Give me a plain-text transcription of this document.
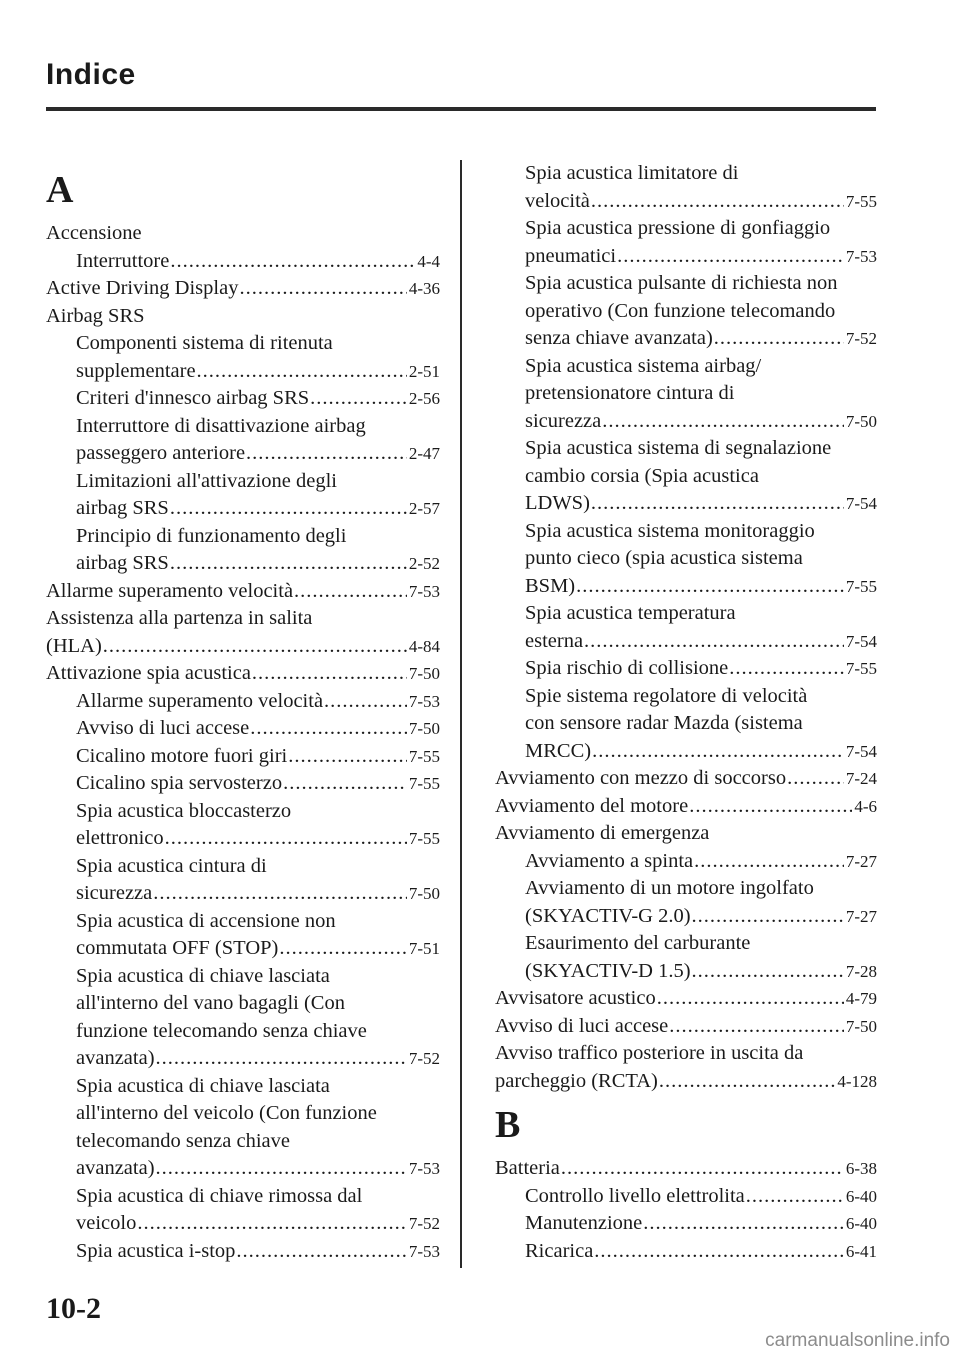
Indice
A
Accensione
Interruttore .....	4-4
Active Driving Display .....	4-36
Airbag SRS
Componenti sistema di ritenuta
supplementare .....	2-51
Criteri d'innesco airbag SRS .....	2-56
Interruttore di disattivazione airbag
passeggero anteriore .....	2-47
Limitazioni all'attivazione degli
airbag SRS .....	2-57
Principio di funzionamento degli
airbag SRS .....	2-52
Allarme superamento velocità .....	7-53
Assistenza alla partenza in salita
(HLA) .....	4-84
Attivazione spia acustica .....	7-50
Allarme superamento velocità .....	7-53
Avviso di luci accese .....	7-50
Cicalino motore fuori giri .....	7-55
Cicalino spia servosterzo .....	7-55
Spia acustica bloccasterzo
elettronico .....	7-55
Spia acustica cintura di
sicurezza .....	7-50
Spia acustica di accensione non
commutata OFF (STOP) .....	7-51
Spia acustica di chiave lasciata
all'interno del vano bagagli (Con
funzione telecomando senza chiave
avanzata) .....	7-52
Spia acustica di chiave lasciata
all'interno del veicolo (Con funzione
telecomando senza chiave
avanzata) .....	7-53
Spia acustica di chiave rimossa dal
veicolo .....	7-52
Spia acustica i-stop .....	7-53
Spia acustica limitatore di
velocità .....	7-55
Spia acustica pressione di gonfiaggio
pneumatici .....	7-53
Spia acustica pulsante di richiesta non
operativo (Con funzione telecomando
senza chiave avanzata) .....	7-52
Spia acustica sistema airbag/
pretensionatore cintura di
sicurezza .....	7-50
Spia acustica sistema di segnalazione
cambio corsia (Spia acustica
LDWS) .....	7-54
Spia acustica sistema monitoraggio
punto cieco (spia acustica sistema
BSM) .....	7-55
Spia acustica temperatura
esterna .....	7-54
Spia rischio di collisione .....	7-55
Spie sistema regolatore di velocità
con sensore radar Mazda (sistema
MRCC) .....	7-54
Avviamento con mezzo di soccorso .....	7-24
Avviamento del motore .....	4-6
Avviamento di emergenza
Avviamento a spinta .....	7-27
Avviamento di un motore ingolfato
(SKYACTIV-G 2.0) .....	7-27
Esaurimento del carburante
(SKYACTIV-D 1.5) .....	7-28
Avvisatore acustico .....	4-79
Avviso di luci accese .....	7-50
Avviso traffico posteriore in uscita da
parcheggio (RCTA) .....	4-128
B
Batteria .....	6-38
Controllo livello elettrolita .....	6-40
Manutenzione .....	6-40
Ricarica .....	6-41
10-2
carmanualsonline.info
